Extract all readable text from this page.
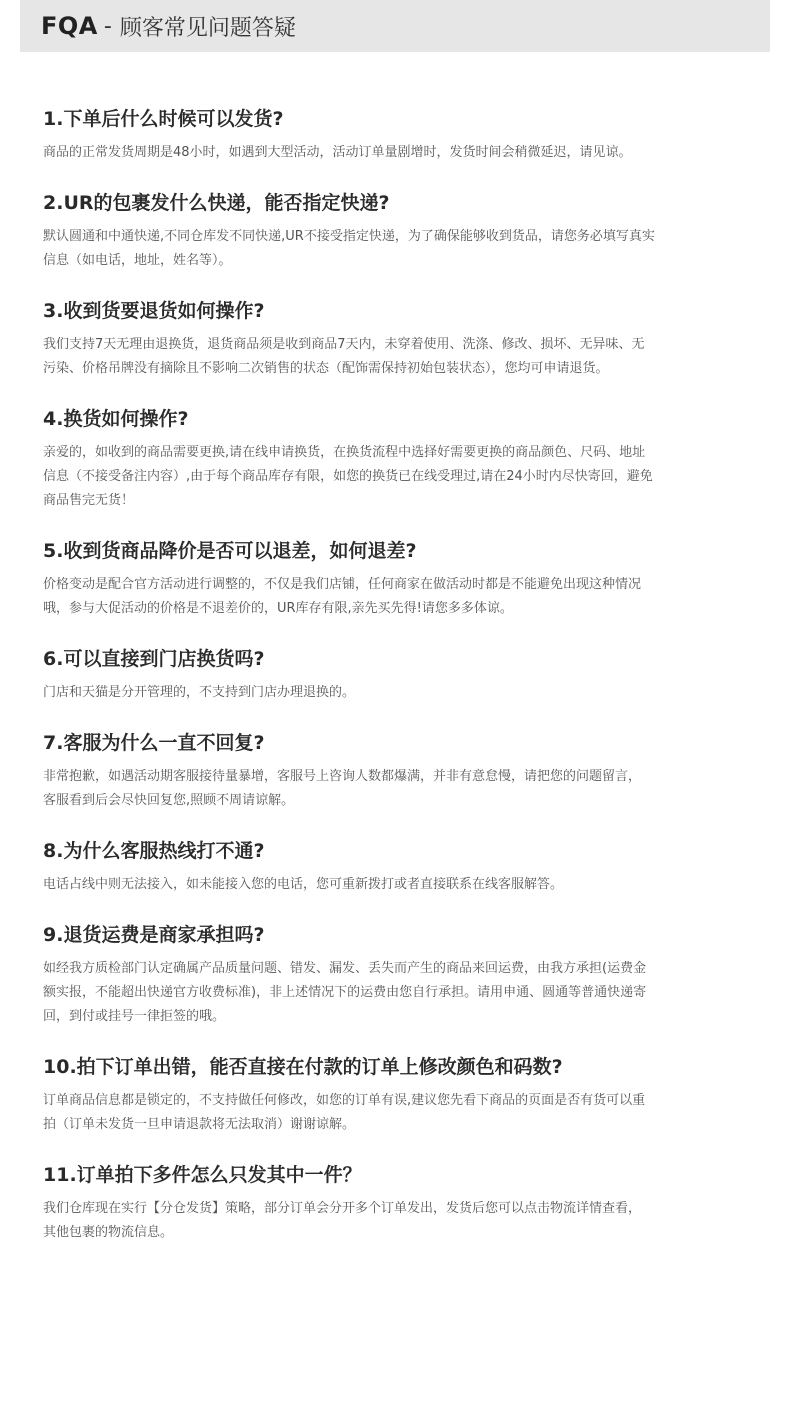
FQA - 顾客常见问题答疑
1.下单后什么时候可以发货?

商品的正常发货周期是48小时，如遇到大型活动，活动订单量剧增时，发货时间会稍微延迟，请见谅。

2.UR的包裹发什么快递，能否指定快递?

默认圆通和中通快递,不同仓库发不同快递,UR不接受指定快递，为了确保能够收到货品，请您务必填写真实
信息（如电话，地址，姓名等）。

3.收到货要退货如何操作?

我们支持7天无理由退换货，退货商品须是收到商品7天内，未穿着使用、洗涤、修改、损坏、无异味、无
污染、价格吊牌没有摘除且不影响二次销售的状态（配饰需保持初始包装状态），您均可申请退货。

4.换货如何操作?

亲爱的，如收到的商品需要更换,请在线申请换货，在换货流程中选择好需要更换的商品颜色、尺码、地址
信息（不接受备注内容）,由于每个商品库存有限，如您的换货已在线受理过,请在24小时内尽快寄回，避免
商品售完无货！

5.收到货商品降价是否可以退差，如何退差?

价格变动是配合官方活动进行调整的，不仅是我们店铺，任何商家在做活动时都是不能避免出现这种情况
哦，参与大促活动的价格是不退差价的，UR库存有限,亲先买先得!请您多多体谅。

6.可以直接到门店换货吗?

门店和天猫是分开管理的，不支持到门店办理退换的。

7.客服为什么一直不回复?

非常抱歉，如遇活动期客服接待量暴增，客服号上咨询人数都爆满，并非有意怠慢，请把您的问题留言，
客服看到后会尽快回复您,照顾不周请谅解。

8.为什么客服热线打不通?

电话占线中则无法接入，如未能接入您的电话，您可重新拨打或者直接联系在线客服解答。

9.退货运费是商家承担吗?

如经我方质检部门认定确属产品质量问题、错发、漏发、丢失而产生的商品来回运费，由我方承担(运费金
额实报，不能超出快递官方收费标准)，非上述情况下的运费由您自行承担。请用申通、圆通等普通快递寄
回，到付或挂号一律拒签的哦。

10.拍下订单出错，能否直接在付款的订单上修改颜色和码数?

订单商品信息都是锁定的，不支持做任何修改，如您的订单有误,建议您先看下商品的页面是否有货可以重
拍（订单未发货一旦申请退款将无法取消）谢谢谅解。

11.订单拍下多件怎么只发其中一件？

我们仓库现在实行【分仓发货】策略，部分订单会分开多个订单发出，发货后您可以点击物流详情查看，
其他包裹的物流信息。
